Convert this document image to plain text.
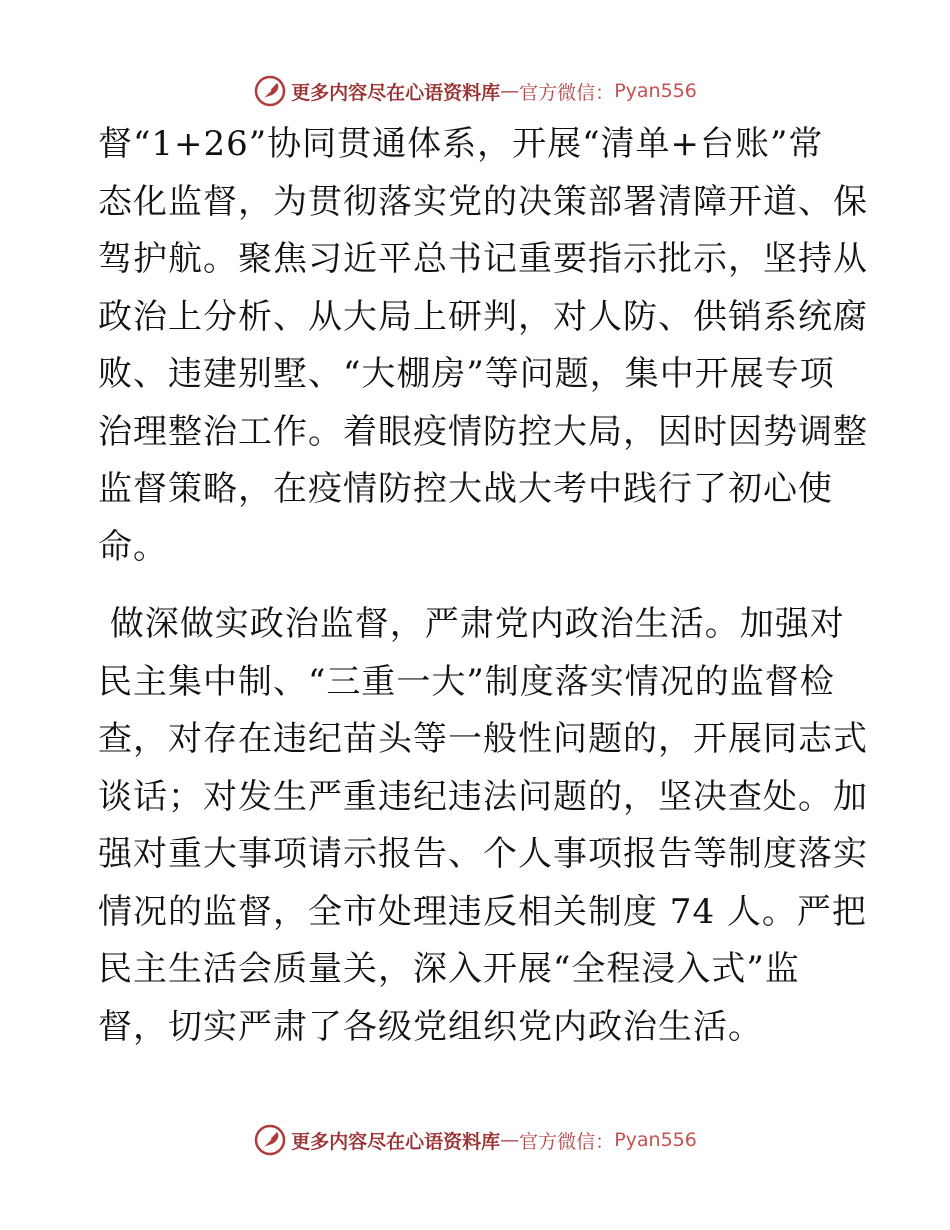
更多内容尽在心语资料库 — 官方微信： Pyan556

督“1+26”协同贯通体系，开展“清单+台账”常
态化监督，为贯彻落实党的决策部署清障开道、保
驾护航。聚焦习近平总书记重要指示批示，坚持从
政治上分析、从大局上研判，对人防、供销系统腐
败、违建别墅、“大棚房”等问题，集中开展专项
治理整治工作。着眼疫情防控大局，因时因势调整
监督策略，在疫情防控大战大考中践行了初心使
命。

做深做实政治监督，严肃党内政治生活。加强对
民主集中制、“三重一大”制度落实情况的监督检
查，对存在违纪苗头等一般性问题的，开展同志式
谈话；对发生严重违纪违法问题的，坚决查处。加
强对重大事项请示报告、个人事项报告等制度落实
情况的监督，全市处理违反相关制度 74 人。严把
民主生活会质量关，深入开展“全程浸入式”监
督，切实严肃了各级党组织党内政治生活。

更多内容尽在心语资料库 — 官方微信： Pyan556
